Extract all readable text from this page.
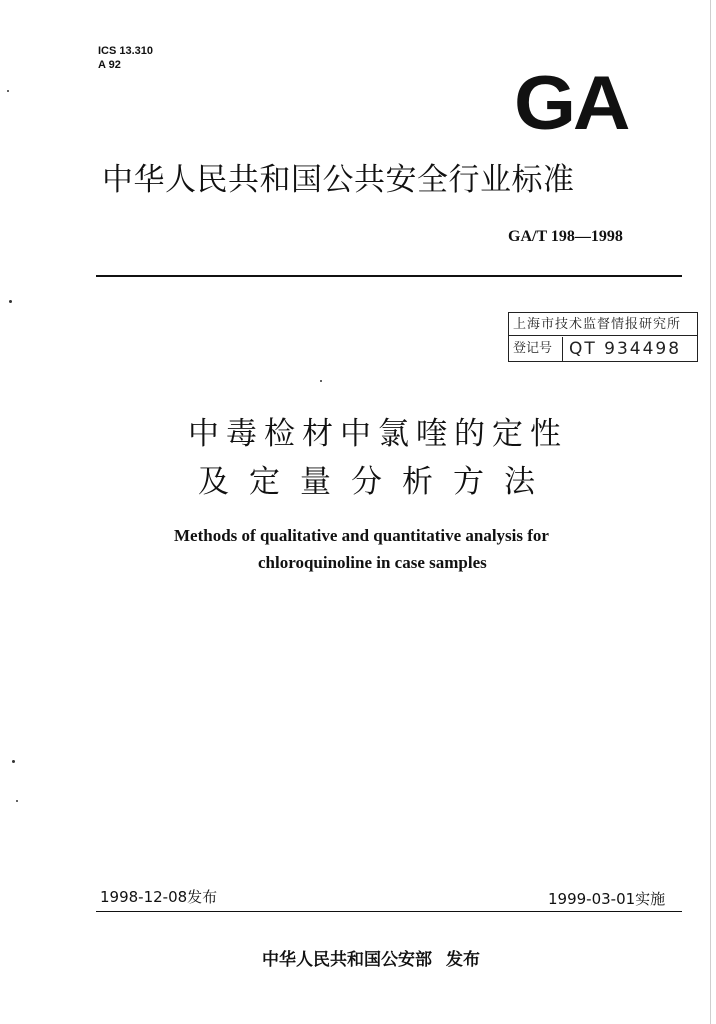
ICS 13.310
A 92	GA
中华人民共和国公共安全行业标准
GA/T 198—1998
上海市技术监督情报研究所
登记号 QT 934498
中毒检材中氯喹的定性
及定量分析方法
Methods of qualitative and quantitative analysis for
chloroquinoline in case samples
1998-12-08发布	1999-03-01实施
中华人民共和国公安部 发布
